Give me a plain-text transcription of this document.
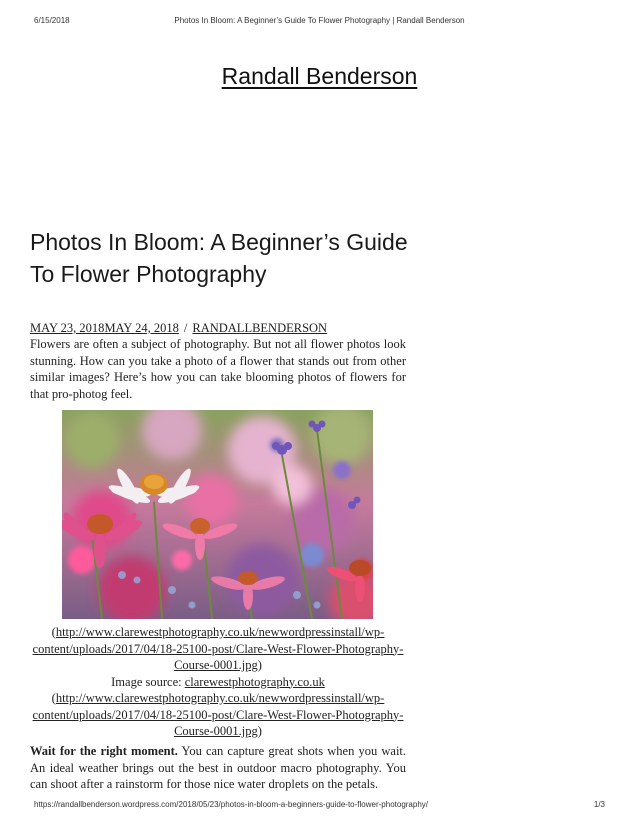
6/15/2018	Photos In Bloom: A Beginner’s Guide To Flower Photography | Randall Benderson
Randall Benderson
Photos In Bloom: A Beginner’s Guide To Flower Photography
MAY 23, 2018MAY 24, 2018 / RANDALLBENDERSON

Flowers are often a subject of photography. But not all flower photos look stunning. How can you take a photo of a flower that stands out from other similar images? Here’s how you can take blooming photos of flowers for that pro-photog feel.

(http://www.clarewestphotography.co.uk/newwordpressinstall/wp-content/uploads/2017/04/18-25100-post/Clare-West-Flower-Photography-Course-0001.jpg)
Image source: clarewestphotography.co.uk
(http://www.clarewestphotography.co.uk/newwordpressinstall/wp-content/uploads/2017/04/18-25100-post/Clare-West-Flower-Photography-Course-0001.jpg)

Wait for the right moment. You can capture great shots when you wait. An ideal weather brings out the best in outdoor macro photography. You can shoot after a rainstorm for those nice water droplets on the petals.

https://randallbenderson.wordpress.com/2018/05/23/photos-in-bloom-a-beginners-guide-to-flower-photography/	1/3
